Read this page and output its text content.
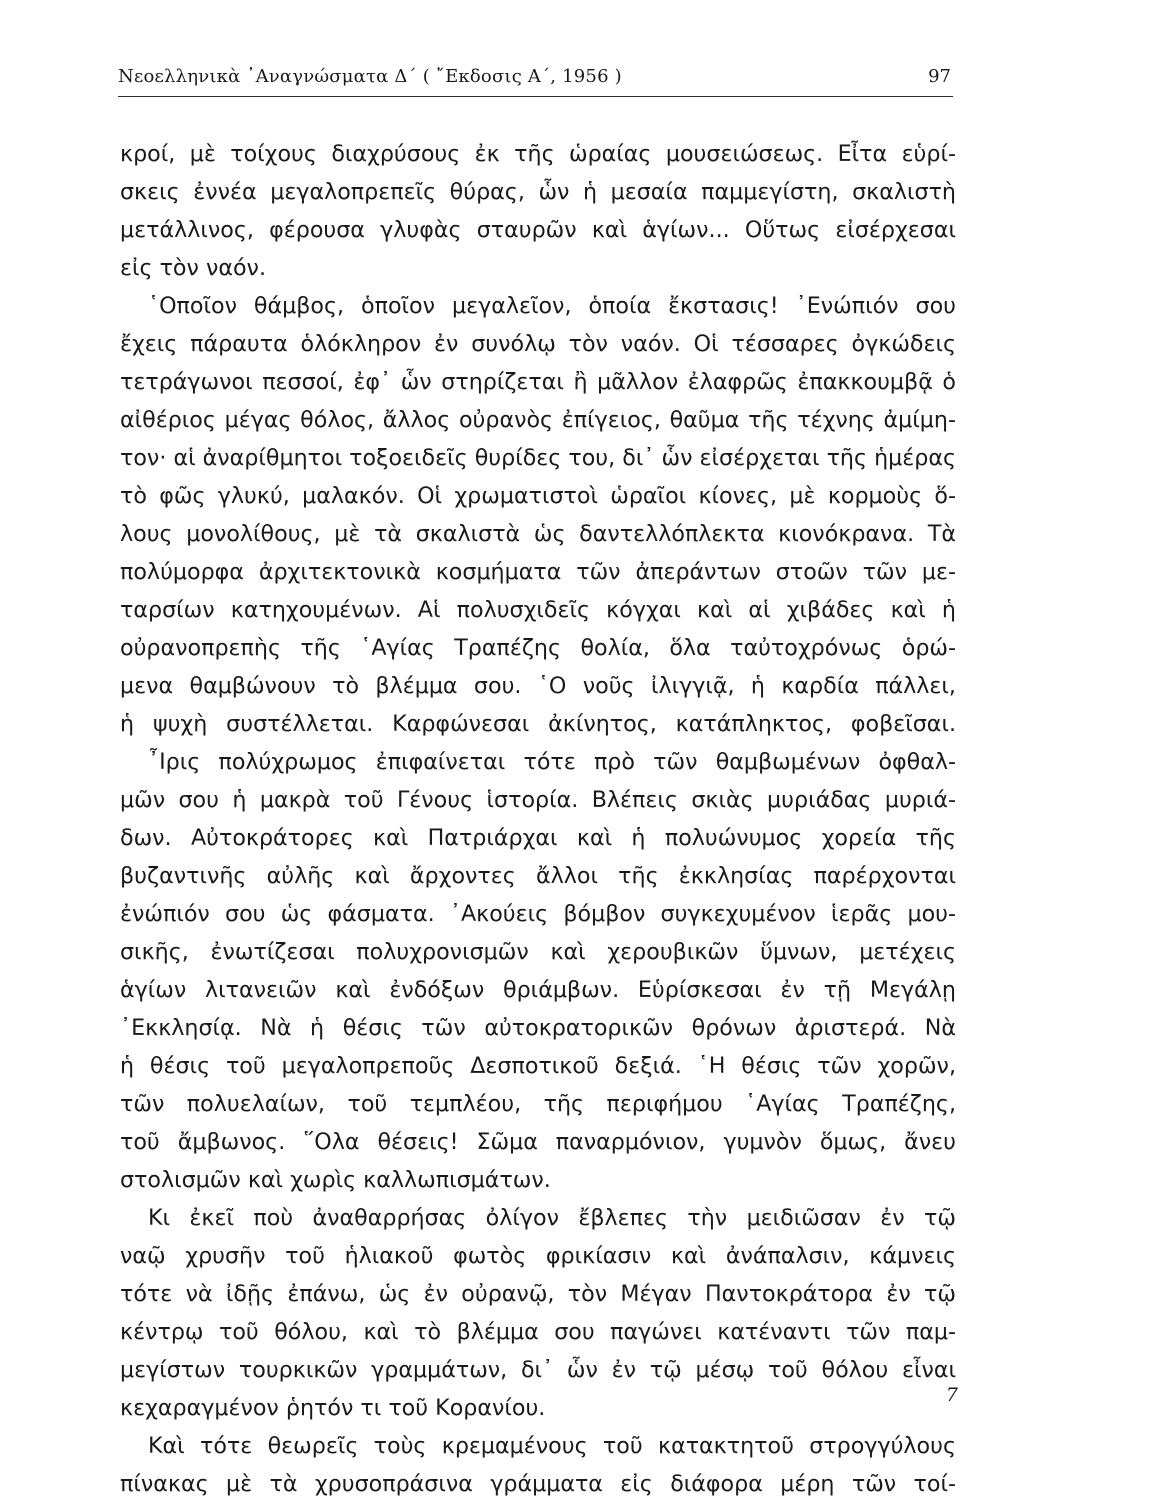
Νεοελληνικὰ ᾿Αναγνώσματα Δ΄ ( ῎Εκδοσις Α΄, 1956 )	97
κροί, μὲ τοίχους διαχρύσους ἐκ τῆς ὡραίας μουσειώσεως. Εἶτα εὑρί-
σκεις ἐννέα μεγαλοπρεπεῖς θύρας, ὧν ἡ μεσαία παμμεγίστη, σκαλιστὴ
μετάλλινος, φέρουσα γλυφὰς σταυρῶν καὶ ἁγίων... Οὕτως εἰσέρχεσαι
εἰς τὸν ναόν.
῾Οποῖον θάμβος, ὁποῖον μεγαλεῖον, ὁποία ἔκστασις! ᾿Ενώπιόν σου
ἔχεις πάραυτα ὁλόκληρον ἐν συνόλῳ τὸν ναόν. Οἱ τέσσαρες ὀγκώδεις
τετράγωνοι πεσσοί, ἐφ᾿ ὧν στηρίζεται ἢ μᾶλλον ἐλαφρῶς ἐπακκουμβᾷ ὁ
αἰθέριος μέγας θόλος, ἄλλος οὐρανὸς ἐπίγειος, θαῦμα τῆς τέχνης ἀμίμη-
τον· αἱ ἀναρίθμητοι τοξοειδεῖς θυρίδες του, δι᾿ ὧν εἰσέρχεται τῆς ἡμέρας
τὸ φῶς γλυκύ, μαλακόν. Οἱ χρωματιστοὶ ὡραῖοι κίονες, μὲ κορμοὺς ὅ-
λους μονολίθους, μὲ τὰ σκαλιστὰ ὡς δαντελλόπλεκτα κιονόκρανα. Τὰ
πολύμορφα ἀρχιτεκτονικὰ κοσμήματα τῶν ἀπεράντων στοῶν τῶν με-
ταρσίων κατηχουμένων. Αἱ πολυσχιδεῖς κόγχαι καὶ αἱ χιβάδες καὶ ἡ
οὐρανοπρεπὴς τῆς ῾Αγίας Τραπέζης θολία, ὅλα ταὐτοχρόνως ὁρώ-
μενα θαμβώνουν τὸ βλέμμα σου. ῾Ο νοῦς ἰλιγγιᾷ, ἡ καρδία πάλλει,
ἡ ψυχὴ συστέλλεται. Καρφώνεσαι ἀκίνητος, κατάπληκτος, φοβεῖσαι.
῏Ιρις πολύχρωμος ἐπιφαίνεται τότε πρὸ τῶν θαμβωμένων ὀφθαλ-
μῶν σου ἡ μακρὰ τοῦ Γένους ἱστορία. Βλέπεις σκιὰς μυριάδας μυριά-
δων. Αὐτοκράτορες καὶ Πατριάρχαι καὶ ἡ πολυώνυμος χορεία τῆς
βυζαντινῆς αὐλῆς καὶ ἄρχοντες ἄλλοι τῆς ἐκκλησίας παρέρχονται
ἐνώπιόν σου ὡς φάσματα. ᾿Ακούεις βόμβον συγκεχυμένον ἱερᾶς μου-
σικῆς, ἐνωτίζεσαι πολυχρονισμῶν καὶ χερουβικῶν ὕμνων, μετέχεις
ἁγίων λιτανειῶν καὶ ἐνδόξων θριάμβων. Εὑρίσκεσαι ἐν τῇ Μεγάλῃ
᾿Εκκλησίᾳ. Νὰ ἡ θέσις τῶν αὐτοκρατορικῶν θρόνων ἀριστερά. Νὰ
ἡ θέσις τοῦ μεγαλοπρεποῦς Δεσποτικοῦ δεξιά. ῾Η θέσις τῶν χορῶν,
τῶν πολυελαίων, τοῦ τεμπλέου, τῆς περιφήμου ῾Αγίας Τραπέζης,
τοῦ ἄμβωνος. ῞Ολα θέσεις! Σῶμα παναρμόνιον, γυμνὸν ὅμως, ἄνευ
στολισμῶν καὶ χωρὶς καλλωπισμάτων.
Κι ἐκεῖ ποὺ ἀναθαρρήσας ὀλίγον ἔβλεπες τὴν μειδιῶσαν ἐν τῷ
ναῷ χρυσῆν τοῦ ἡλιακοῦ φωτὸς φρικίασιν καὶ ἀνάπαλσιν, κάμνεις
τότε νὰ ἰδῇς ἐπάνω, ὡς ἐν οὐρανῷ, τὸν Μέγαν Παντοκράτορα ἐν τῷ
κέντρῳ τοῦ θόλου, καὶ τὸ βλέμμα σου παγώνει κατέναντι τῶν παμ-
μεγίστων τουρκικῶν γραμμάτων, δι᾿ ὧν ἐν τῷ μέσῳ τοῦ θόλου εἶναι
κεχαραγμένον ῥητόν τι τοῦ Κορανίου.
Καὶ τότε θεωρεῖς τοὺς κρεμαμένους τοῦ κατακτητοῦ στρογγύλους
πίνακας μὲ τὰ χρυσοπράσινα γράμματα εἰς διάφορα μέρη τῶν τοί-
7
